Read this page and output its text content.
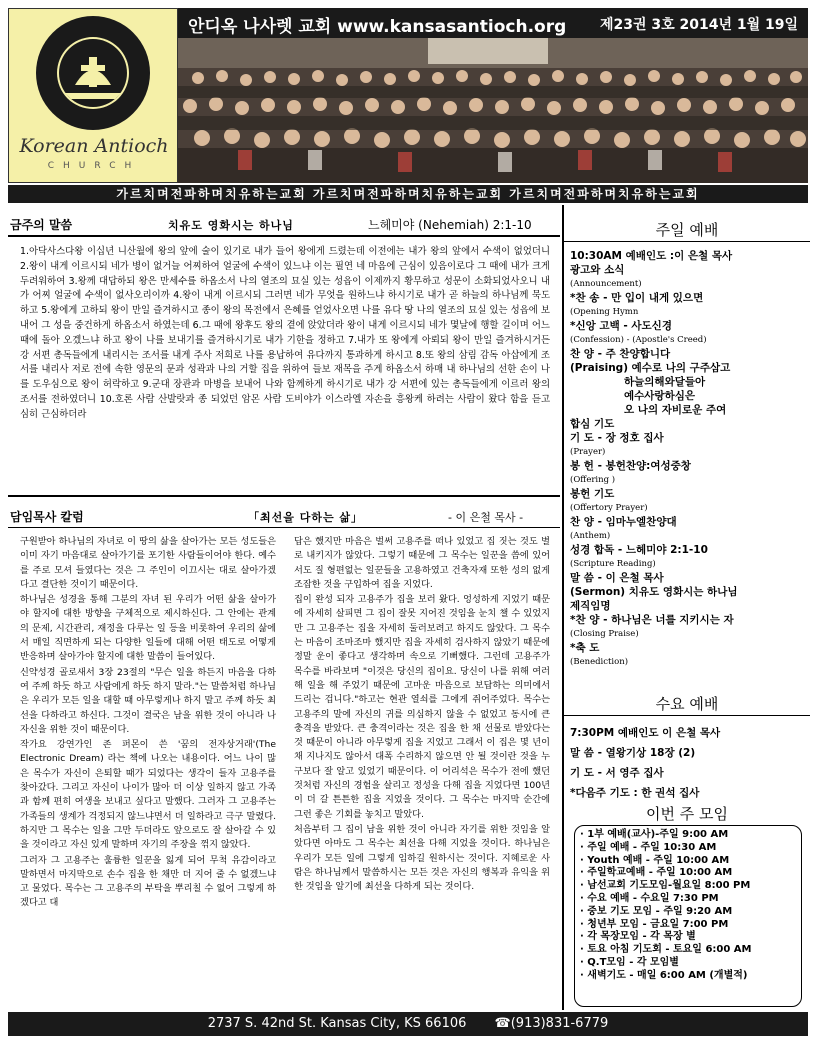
Korean Antioch
CHURCH
안디옥 나사렛 교회 www.kansasantioch.org 제23권 3호 2014년 1월 19일
가르치며전파하며치유하는교회 가르치며전파하며치유하는교회 가르치며전파하며치유하는교회
금주의 말씀	치유도 영화시는 하나님	느헤미야 (Nehemiah) 2:1-10
1.아닥사스다왕 이십년 니산월에 왕의 앞에 술이 있기로 내가 들어 왕에게 드렸는데 이전에는 내가 왕의 앞에서 수색이 없었더니 2.왕이 내게 이르시되 네가 병이 없거늘 어찌하여 얼굴에 수색이 있느냐 이는 필연 네 마음에 근심이 있음이로다 그 때에 내가 크게 두려워하여 3.왕께 대답하되 왕은 만세수를 하옵소서 나의 열조의 묘실 있는 성읍이 이제까지 황무하고 성문이 소화되었사오니 내가 어찌 얼굴에 수색이 없사오리이까 4.왕이 내게 이르시되 그러면 네가 무엇을 원하느냐 하시기로 내가 곧 하늘의 하나님께 묵도하고 5.왕에게 고하되 왕이 만일 즐겨하시고 종이 왕의 목전에서 은혜를 얻었사오면 나를 유다 땅 나의 열조의 묘실 있는 성읍에 보내어 그 성을 중건하게 하옵소서 하였는데 6.그 때에 왕후도 왕의 곁에 앉았더라 왕이 내게 이르시되 네가 몇날에 행할 길이며 어느 때에 돌아 오겠느냐 하고 왕이 나를 보내기를 즐겨하시기로 내가 기한을 정하고 7.내가 또 왕에게 아뢰되 왕이 만일 즐겨하시거든 강 서편 총독들에게 내리시는 조서를 내게 주사 저희로 나를 용납하여 유다까지 통과하게 하시고 8.또 왕의 삼림 감독 아삽에게 조서를 내리사 저로 전에 속한 영문의 문과 성곽과 나의 거할 집을 위하여 들보 재목을 주게 하옵소서 하매 내 하나님의 선한 손이 나를 도우심으로 왕이 허락하고 9.군대 장관과 마병을 보내어 나와 함께하게 하시기로 내가 강 서편에 있는 총독들에게 이르러 왕의 조서를 전하였더니 10.호론 사람 산발랏과 종 되었던 암몬 사람 도비야가 이스라엘 자손을 흥왕케 하려는 사람이 왔다 함을 듣고 심히 근심하더라
담임목사 칼럼	「최선을 다하는 삶」	- 이 은철 목사 -

구원받아 하나님의 자녀로 이 땅의 삶을 살아가는 모든 성도들은 이미 자기 마음대로 살아가기를 포기한 사람들이어야 한다. 예수를 주로 모셔 들였다는 것은 그 주인이 이끄시는 대로 살아가겠다고 결단한 것이기 때문이다.

하나님은 성경을 통해 그분의 자녀 된 우리가 어떤 삶을 살아가야 할지에 대한 방향을 구체적으로 제시하신다. 그 안에는 관계의 문제, 시간관리, 재정을 다루는 일 등을 비롯하여 우리의 삶에서 매일 직면하게 되는 다양한 일들에 대해 어떤 태도로 어떻게 반응하며 살아가야 할지에 대한 말씀이 들어있다.

신약성경 골로새서 3장 23절의 "무슨 일을 하든지 마음을 다하여 주께 하듯 하고 사람에게 하듯 하지 말라."는 말씀처럼 하나님은 우리가 모든 일을 대할 때 아무렇게나 하지 말고 주께 하듯 최선을 다하라고 하신다. 그것이 결국은 남을 위한 것이 아니라 나 자신을 위한 것이 때문이다.

작가요 강연가인 존 퍼몬이 쓴 '꿈의 전자상거래'(The Electronic Dream) 라는 책에 나오는 내용이다. 어느 나이 많은 목수가 자신이 은퇴할 때가 되었다는 생각이 들자 고용주를 찾아갔다. 그리고 자신이 나이가 많아 더 이상 일하지 않고 가족과 함께 편히 여생을 보내고 싶다고 말했다. 그러자 그 고용주는 가족들의 생계가 걱정되지 않느냐면서 더 일하라고 극구 말렸다. 하지만 그 목수는 일을 그만 두더라도 앞으로도 잘 살아갈 수 있을 것이라고 자신 있게 말하며 자기의 주장을 꺾지 않았다.

그러자 그 고용주는 훌륭한 일꾼을 잃게 되어 무척 유감이라고 말하면서 마지막으로 손수 집을 한 채만 더 지어 줄 수 없겠느냐고 물었다. 목수는 그 고용주의 부탁을 뿌리칠 수 없어 그렇게 하겠다고 대

답은 했지만 마음은 벌써 고용주를 떠나 있었고 집 짓는 것도 별로 내키지가 않았다. 그렇기 때문에 그 목수는 일꾼을 씀에 있어서도 질 형편없는 일꾼들을 고용하였고 건축자재 또한 성의 없게 조잡한 것을 구입하여 집을 지었다.

집이 완성 되자 고용주가 집을 보러 왔다. 엉성하게 지었기 때문에 자세히 살피면 그 집이 잘못 지어진 것임을 눈치 챌 수 있었지만 그 고용주는 집을 자세히 둘러보려고 하지도 않았다. 그 목수는 마음이 조마조마 했지만 집을 자세히 검사하지 않았기 때문에 정말 운이 좋다고 생각하며 속으로 기뻐했다. 그런데 고용주가 목수를 바라보며 "이것은 당신의 집이요. 당신이 나를 위해 여러 해 일을 해 주었기 때문에 고마운 마음으로 보답하는 의미에서 드리는 겁니다."하고는 현관 열쇠를 그에게 쥐어주었다. 목수는 고용주의 말에 자신의 귀를 의심하지 않을 수 없었고 동시에 큰 충격을 받았다. 큰 충격이라는 것은 집을 한 채 선물로 받았다는 것 때문이 아니라 아무렇게 집을 지었고 그래서 이 집은 몇 년이 채 지나지도 않아서 대폭 수리하지 않으면 안 될 것이란 것을 누구보다 잘 알고 있었기 때문이다. 이 어리석은 목수가 전에 했던 것처럼 자신의 경험을 살리고 정성을 다해 집을 지었다면 100년이 더 갈 튼튼한 집을 지었을 것이다. 그 목수는 마지막 순간에 그런 좋은 기회를 놓치고 말았다.

처음부터 그 집이 남을 위한 것이 아니라 자기를 위한 것임을 알았다면 아마도 그 목수는 최선을 다해 지었을 것이다. 하나님은 우리가 모든 일에 그렇게 임하길 원하시는 것이다. 지혜로운 사람은 하나님께서 말씀하시는 모든 것은 자신의 행복과 유익을 위한 것임을 알기에 최선을 다하게 되는 것이다.

주일 예배
10:30AM 예배인도 :이 은철 목사
광고와 소식
(Announcement)
*찬 송 - 만 입이 내게 있으면
(Opening Hymn
*신앙 고백 - 사도신경
(Confession) - (Apostle's Creed)
찬 양 - 주 찬양합니다
(Praising) 예수로 나의 구주삼고
하늘의해와달들아
예수사랑하심은
오 나의 자비로운 주여
합심 기도
기 도 - 장 정호 집사
(Prayer)
봉 헌 - 봉헌찬양:여성중창
(Offering )
봉헌 기도
(Offertory Prayer)
찬 양 - 임마누엘찬양대
(Anthem)
성경 합독 - 느헤미야 2:1-10
(Scripture Reading)
말 씀 - 이 은철 목사
(Sermon) 치유도 영화시는 하나님
제직임명
*찬 양 - 하나님은 너를 지키시는 자
(Closing Praise)
*축 도
(Benediction)
수요 예배
7:30PM 예배인도 이 은철 목사
말 씀 - 열왕기상 18장 (2)
기 도 - 서 영주 집사
*다음주 기도 : 한 권석 집사
이번 주 모임
· 1부 예배(교사)-주일 9:00 AM
· 주일 예배 - 주일 10:30 AM
· Youth 예배 - 주일 10:00 AM
· 주일학교예배 - 주일 10:00 AM
· 남선교회 기도모임-월요일 8:00 PM
· 수요 예배 - 수요일 7:30 PM
· 중보 기도 모임 - 주일 9:20 AM
· 청년부 모임 - 금요일 7:00 PM
· 각 목장모임 - 각 목장 별
· 토요 아침 기도회 - 토요일 6:00 AM
· Q.T모임 - 각 모임별
· 새벽기도 - 매일 6:00 AM (개별적)
2737 S. 42nd St. Kansas City, KS 66106 ☎(913)831-6779
